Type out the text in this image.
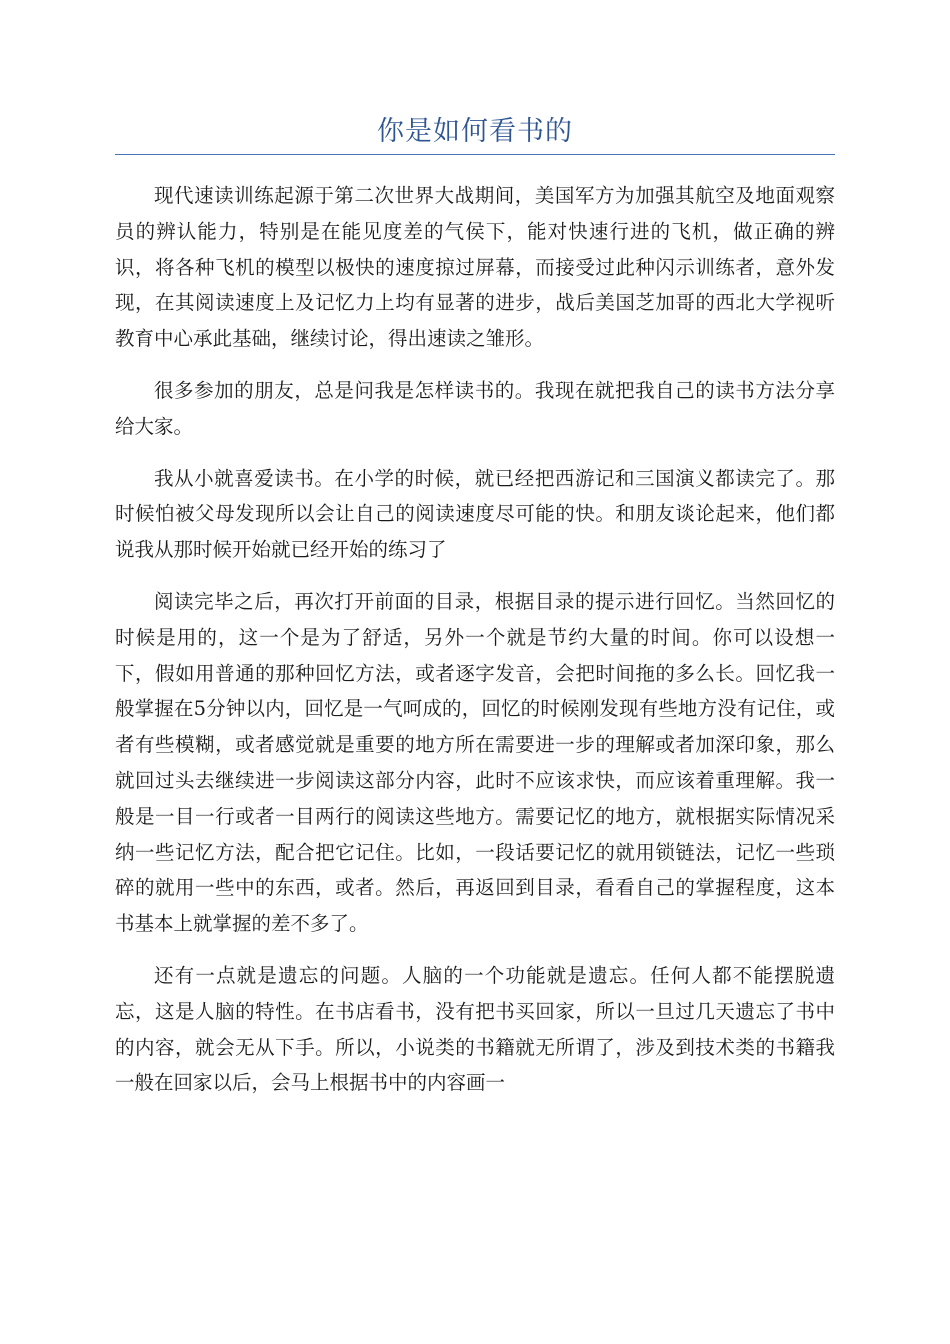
你是如何看书的

现代速读训练起源于第二次世界大战期间，美国军方为加强其航空及地面观察员的辨认能力，特别是在能见度差的气侯下，能对快速行进的飞机，做正确的辨识，将各种飞机的模型以极快的速度掠过屏幕，而接受过此种闪示训练者，意外发现，在其阅读速度上及记忆力上均有显著的进步，战后美国芝加哥的西北大学视听教育中心承此基础，继续讨论，得出速读之雏形。

很多参加的朋友，总是问我是怎样读书的。我现在就把我自己的读书方法分享给大家。

我从小就喜爱读书。在小学的时候，就已经把西游记和三国演义都读完了。那时候怕被父母发现所以会让自己的阅读速度尽可能的快。和朋友谈论起来，他们都说我从那时候开始就已经开始的练习了

阅读完毕之后，再次打开前面的目录，根据目录的提示进行回忆。当然回忆的时候是用的，这一个是为了舒适，另外一个就是节约大量的时间。你可以设想一下，假如用普通的那种回忆方法，或者逐字发音，会把时间拖的多么长。回忆我一般掌握在5分钟以内，回忆是一气呵成的，回忆的时候刚发现有些地方没有记住，或者有些模糊，或者感觉就是重要的地方所在需要进一步的理解或者加深印象，那么就回过头去继续进一步阅读这部分内容，此时不应该求快，而应该着重理解。我一般是一目一行或者一目两行的阅读这些地方。需要记忆的地方，就根据实际情况采纳一些记忆方法，配合把它记住。比如，一段话要记忆的就用锁链法，记忆一些琐碎的就用一些中的东西，或者。然后，再返回到目录，看看自己的掌握程度，这本书基本上就掌握的差不多了。

还有一点就是遗忘的问题。人脑的一个功能就是遗忘。任何人都不能摆脱遗忘，这是人脑的特性。在书店看书，没有把书买回家，所以一旦过几天遗忘了书中的内容，就会无从下手。所以，小说类的书籍就无所谓了，涉及到技术类的书籍我一般在回家以后，会马上根据书中的内容画一
